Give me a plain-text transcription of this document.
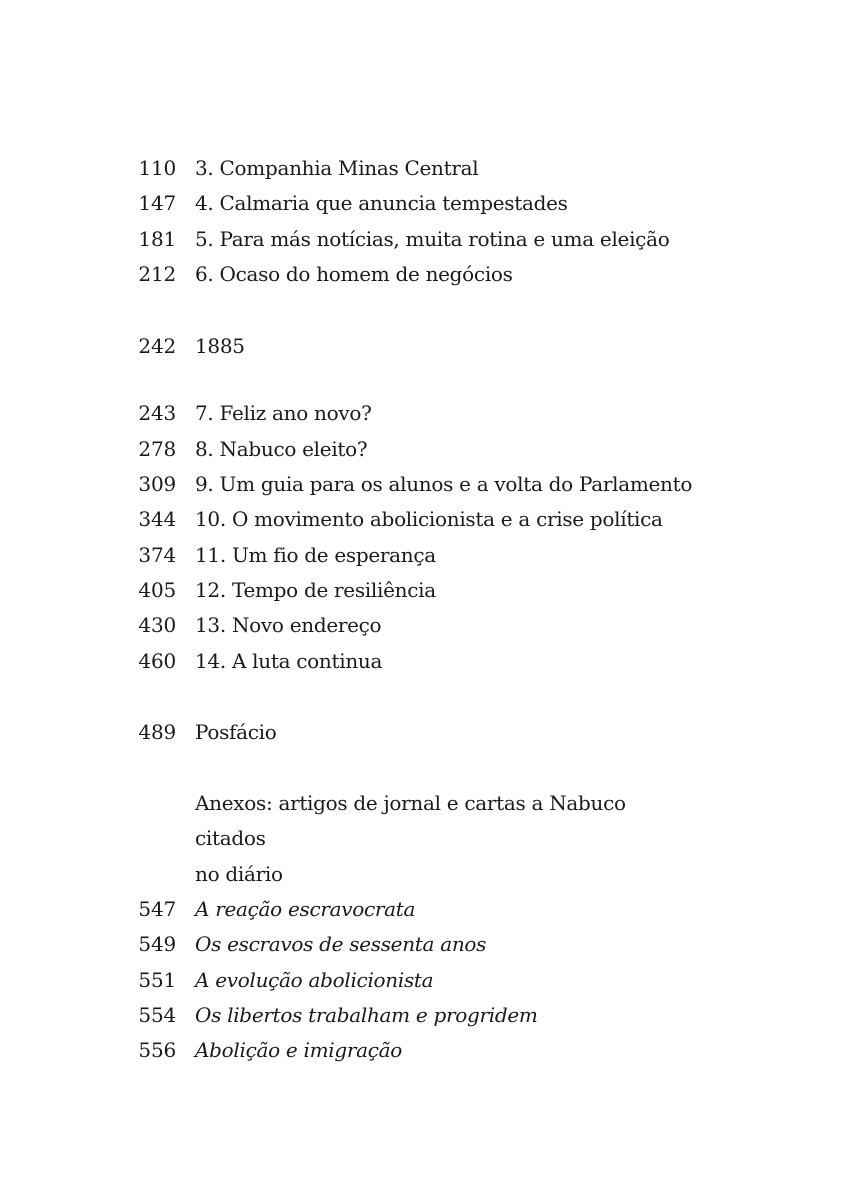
110 3. Companhia Minas Central
147 4. Calmaria que anuncia tempestades
181 5. Para más notícias, muita rotina e uma eleição
212 6. Ocaso do homem de negócios
242 1885
243 7. Feliz ano novo?
278 8. Nabuco eleito?
309 9. Um guia para os alunos e a volta do Parlamento
344 10. O movimento abolicionista e a crise política
374 11. Um fio de esperança
405 12. Tempo de resiliência
430 13. Novo endereço
460 14. A luta continua
489 Posfácio
Anexos: artigos de jornal e cartas a Nabuco citados
no diário
547 A reação escravocrata
549 Os escravos de sessenta anos
551 A evolução abolicionista
554 Os libertos trabalham e progridem
556 Abolição e imigração
